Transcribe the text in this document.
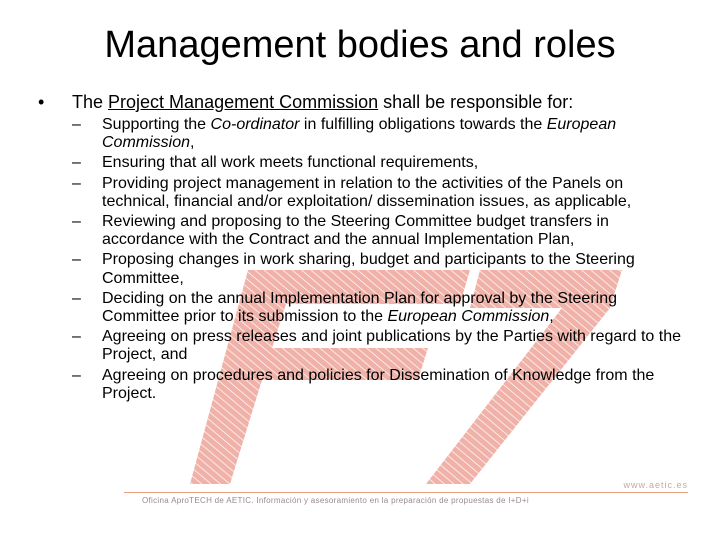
Management bodies and roles
• The Project Management Commission shall be responsible for:
– Supporting the Co-ordinator in fulfilling obligations towards the European Commission,
– Ensuring that all work meets functional requirements,
– Providing project management in relation to the activities of the Panels on technical, financial and/or exploitation/ dissemination issues, as applicable,
– Reviewing and proposing to the Steering Committee budget transfers in accordance with the Contract and the annual Implementation Plan,
– Proposing changes in work sharing, budget and participants to the Steering Committee,
– Deciding on the annual Implementation Plan for approval by the Steering Committee prior to its submission to the European Commission,
– Agreeing on press releases and joint publications by the Parties with regard to the Project, and
– Agreeing on procedures and policies for Dissemination of Knowledge from the Project.
www.aetic.es
Oficina AproTECH de AETIC. Información y asesoramiento en la preparación de propuestas de I+D+i
